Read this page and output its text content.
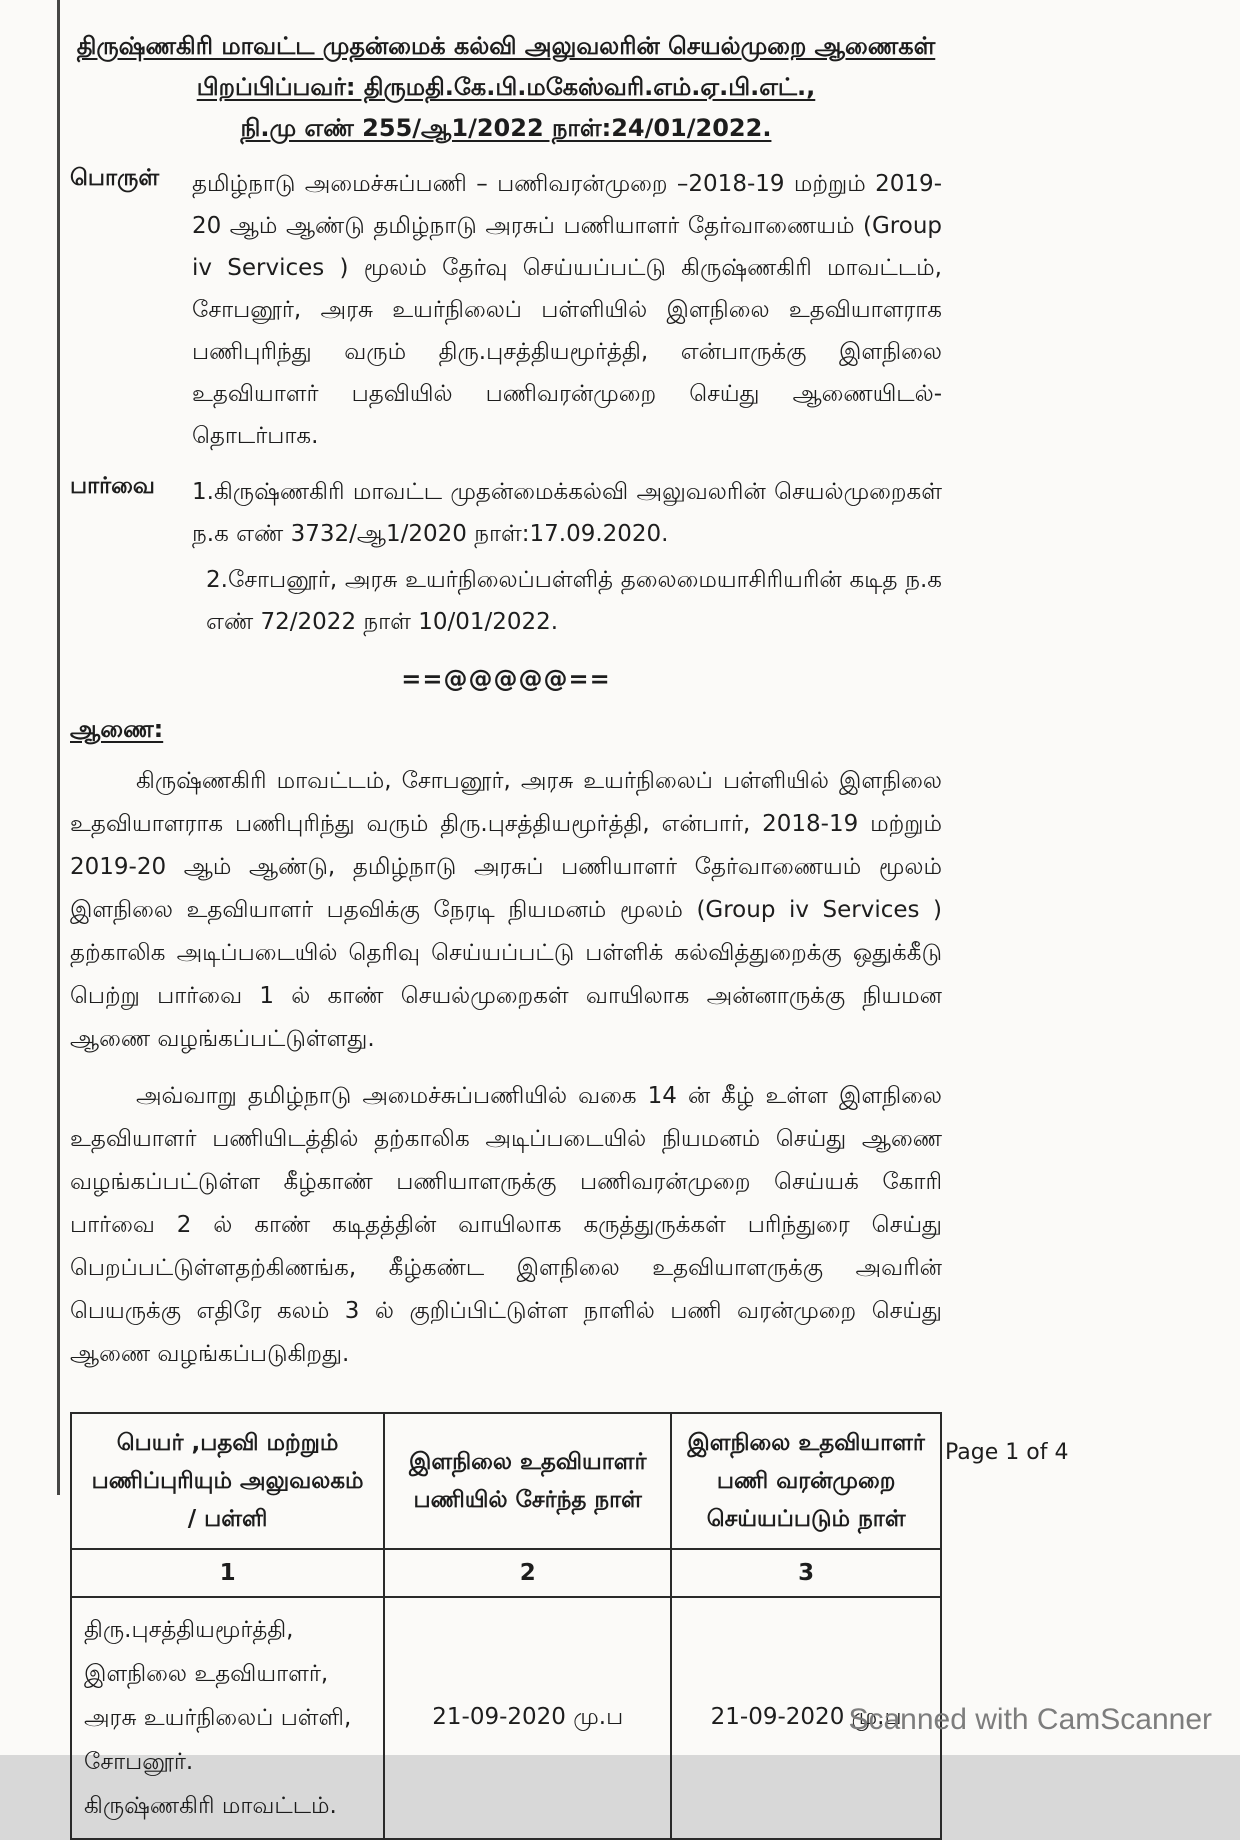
திருஷ்ணகிரி மாவட்ட முதன்மைக் கல்வி அலுவலரின் செயல்முறை ஆணைகள்
பிறப்பிப்பவர்: திருமதி.கே.பி.மகேஸ்வரி.எம்.ஏ.பி.எட்.,
நி.மு எண் 255/ஆ1/2022 நாள்:24/01/2022.
பொருள்	தமிழ்நாடு அமைச்சுப்பணி – பணிவரன்முறை –2018-19 மற்றும் 2019-20 ஆம் ஆண்டு தமிழ்நாடு அரசுப் பணியாளர் தேர்வாணையம் (Group iv Services ) மூலம் தேர்வு செய்யப்பட்டு கிருஷ்ணகிரி மாவட்டம், சோபனூர், அரசு உயர்நிலைப் பள்ளியில் இளநிலை உதவியாளராக பணிபுரிந்து வரும் திரு.புசத்தியமூர்த்தி, என்பாருக்கு இளநிலை உதவியாளர் பதவியில் பணிவரன்முறை செய்து ஆணையிடல்- தொடர்பாக.
பார்வை	1.கிருஷ்ணகிரி மாவட்ட முதன்மைக்கல்வி அலுவலரின் செயல்முறைகள் ந.க எண் 3732/ஆ1/2020 நாள்:17.09.2020.
2.சோபனூர், அரசு உயர்நிலைப்பள்ளித் தலைமையாசிரியரின் கடித ந.க எண் 72/2022 நாள் 10/01/2022.
==@@@@@==
ஆணை:

கிருஷ்ணகிரி மாவட்டம், சோபனூர், அரசு உயர்நிலைப் பள்ளியில் இளநிலை உதவியாளராக பணிபுரிந்து வரும் திரு.புசத்தியமூர்த்தி, என்பார், 2018-19 மற்றும் 2019-20 ஆம் ஆண்டு, தமிழ்நாடு அரசுப் பணியாளர் தேர்வாணையம் மூலம் இளநிலை உதவியாளர் பதவிக்கு நேரடி நியமனம் மூலம் (Group iv Services ) தற்காலிக அடிப்படையில் தெரிவு செய்யப்பட்டு பள்ளிக் கல்வித்துறைக்கு ஒதுக்கீடு பெற்று பார்வை 1 ல் காண் செயல்முறைகள் வாயிலாக அன்னாருக்கு நியமன ஆணை வழங்கப்பட்டுள்ளது.

அவ்வாறு தமிழ்நாடு அமைச்சுப்பணியில் வகை 14 ன் கீழ் உள்ள இளநிலை உதவியாளர் பணியிடத்தில் தற்காலிக அடிப்படையில் நியமனம் செய்து ஆணை வழங்கப்பட்டுள்ள கீழ்காண் பணியாளருக்கு பணிவரன்முறை செய்யக் கோரி பார்வை 2 ல் காண் கடிதத்தின் வாயிலாக கருத்துருக்கள் பரிந்துரை செய்து பெறப்பட்டுள்ளதற்கிணங்க, கீழ்கண்ட இளநிலை உதவியாளருக்கு அவரின் பெயருக்கு எதிரே கலம் 3 ல் குறிப்பிட்டுள்ள நாளில் பணி வரன்முறை செய்து ஆணை வழங்கப்படுகிறது.

பெயர் ,பதவி மற்றும் பணிப்புரியும் அலுவலகம் / பள்ளி	இளநிலை உதவியாளர் பணியில் சேர்ந்த நாள்	இளநிலை உதவியாளர் பணி வரன்முறை செய்யப்படும் நாள்
1	2	3

திரு.புசத்தியமூர்த்தி,
இளநிலை உதவியாளர்,
அரசு உயர்நிலைப் பள்ளி,
சோபனூர்.
கிருஷ்ணகிரி மாவட்டம்.	21-09-2020 மு.ப	21-09-2020 மு.ப
Page 1 of 4
Scanned with CamScanner
